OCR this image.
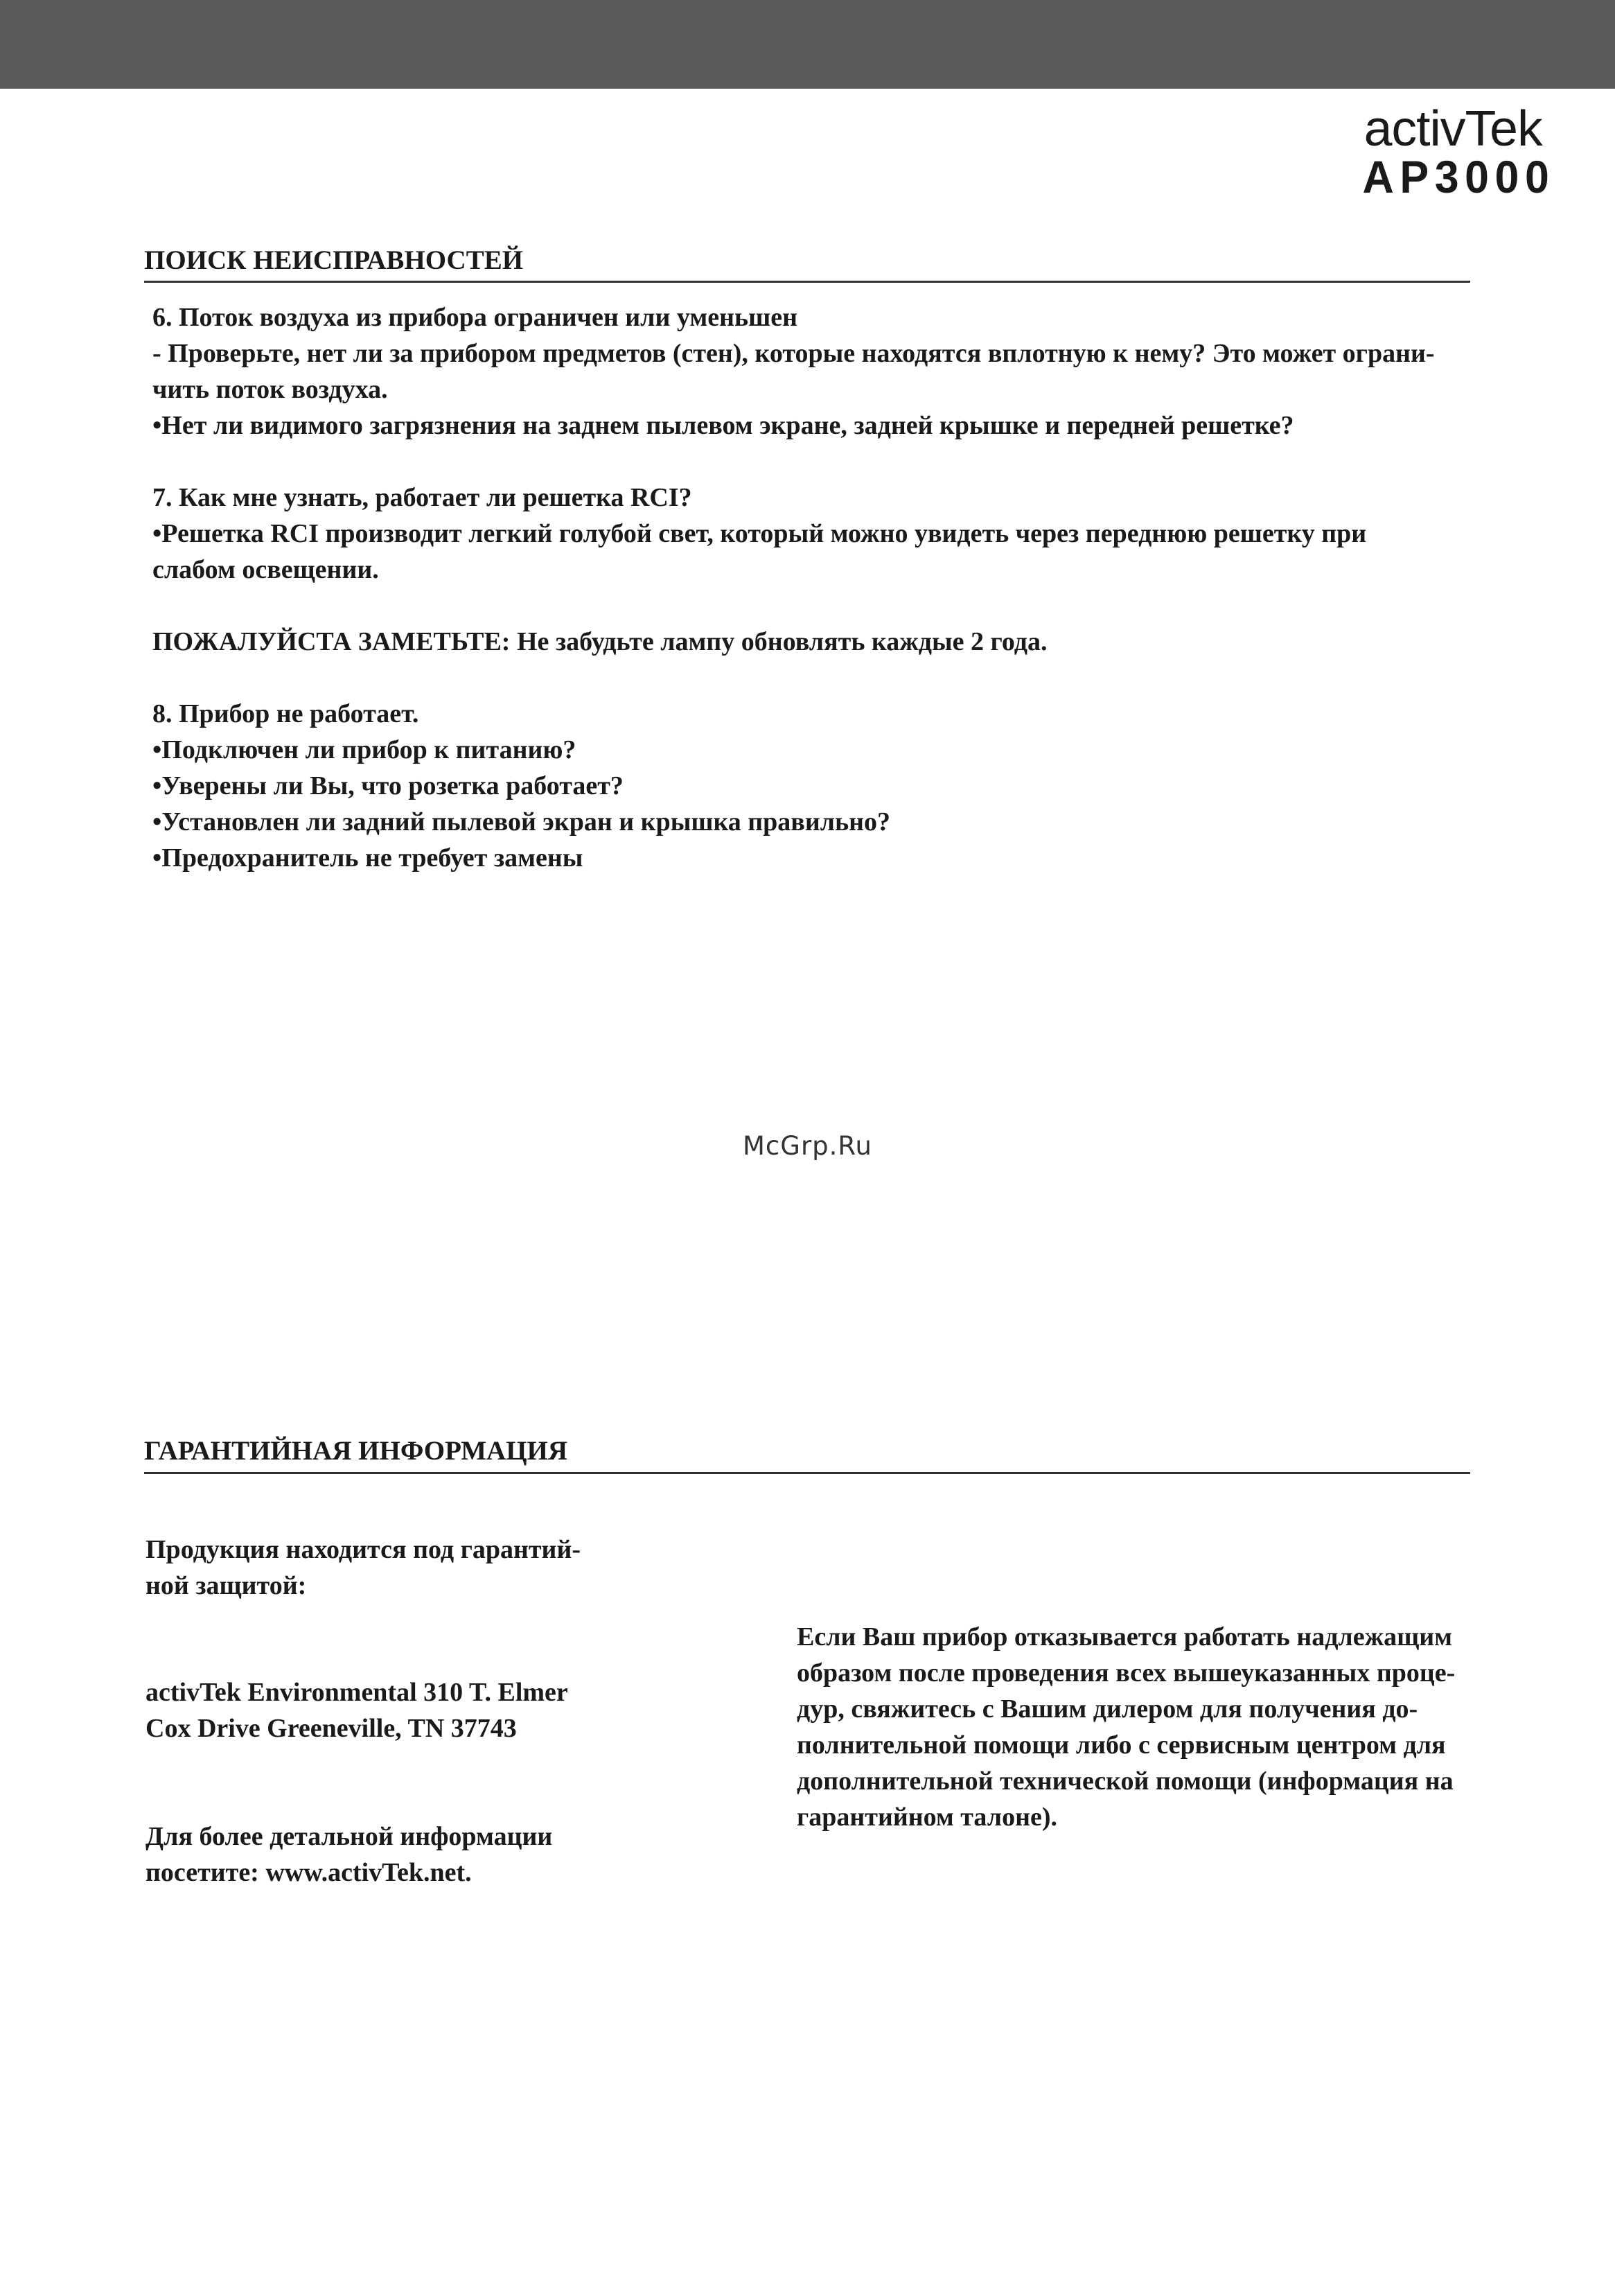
activTek
AP3000
ПОИСК НЕИСПРАВНОСТЕЙ
6. Поток воздуха из прибора ограничен или уменьшен
- Проверьте, нет ли за прибором предметов (стен), которые находятся вплотную к нему? Это может ограни-
чить поток воздуха.
•Нет ли видимого загрязнения на заднем пылевом экране, задней крышке и передней решетке?
7. Как мне узнать, работает ли решетка RCI?
•Решетка RCI производит легкий голубой свет, который можно увидеть через переднюю решетку при
слабом освещении.
ПОЖАЛУЙСТА ЗАМЕТЬТЕ: Не забудьте лампу обновлять каждые 2 года.
8. Прибор не работает.
•Подключен ли прибор к питанию?
•Уверены ли Вы, что розетка работает?
•Установлен ли задний пылевой экран и крышка правильно?
•Предохранитель не требует замены
McGrp.Ru
ГАРАНТИЙНАЯ ИНФОРМАЦИЯ
Продукция находится под гарантий-
ной защитой:
activTek Environmental 310 T. Elmer
Cox Drive Greeneville, TN 37743
Для более детальной информации
посетите: www.activTek.net.
Если Ваш прибор отказывается работать надлежащим
образом после проведения всех вышеуказанных проце-
дур, свяжитесь с Вашим дилером для получения до-
полнительной помощи либо с сервисным центром для
дополнительной технической помощи (информация на
гарантийном талоне).
